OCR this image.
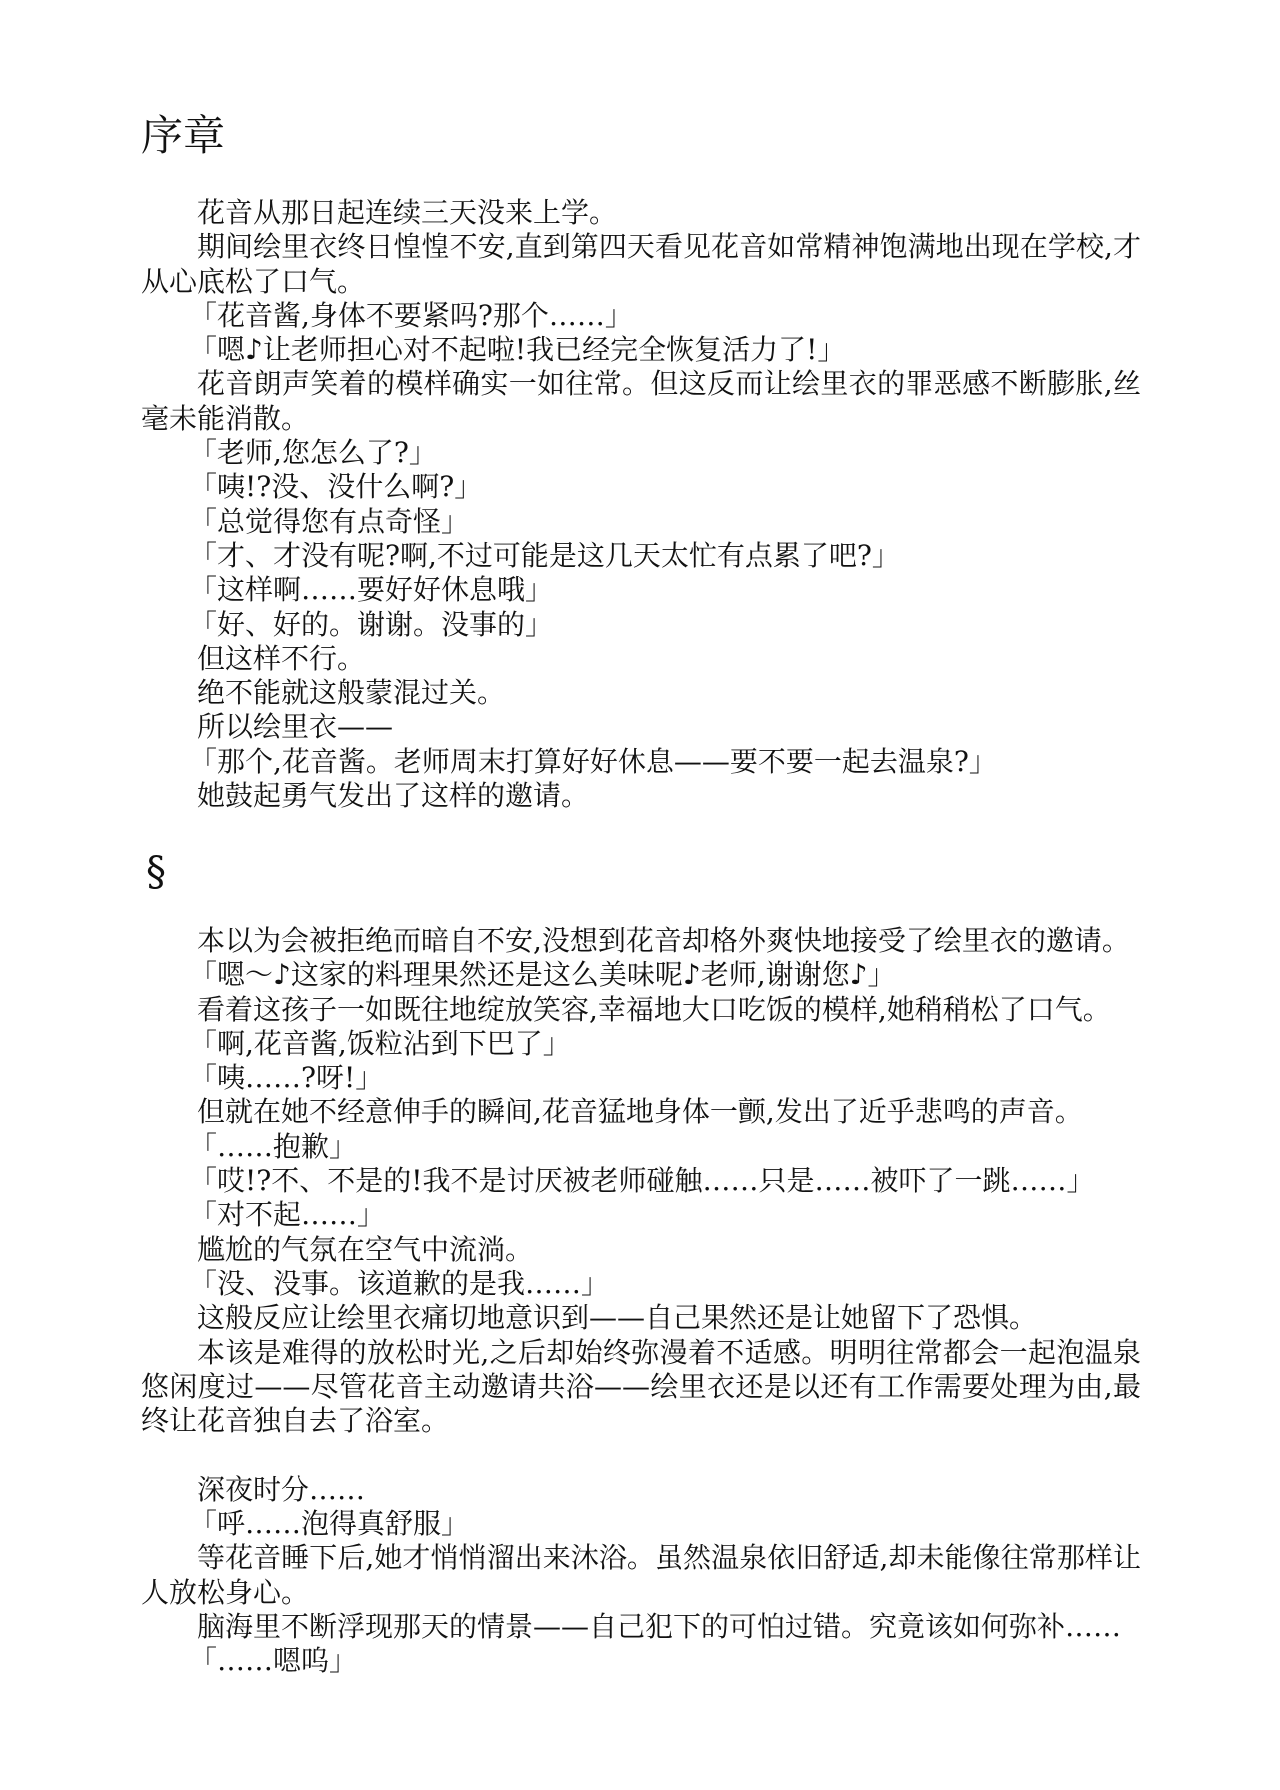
序章

花音从那日起连续三天没来上学。

期间绘里衣终日惶惶不安,直到第四天看见花音如常精神饱满地出现在学校,才从心底松了口气。

「花音酱,身体不要紧吗?那个……」

「嗯♪让老师担心对不起啦!我已经完全恢复活力了!」

花音朗声笑着的模样确实一如往常。但这反而让绘里衣的罪恶感不断膨胀,丝毫未能消散。

「老师,您怎么了?」

「咦!?没、没什么啊?」

「总觉得您有点奇怪」

「才、才没有呢?啊,不过可能是这几天太忙有点累了吧?」

「这样啊……要好好休息哦」

「好、好的。谢谢。没事的」

但这样不行。

绝不能就这般蒙混过关。

所以绘里衣——

「那个,花音酱。老师周末打算好好休息——要不要一起去温泉?」

她鼓起勇气发出了这样的邀请。

§

本以为会被拒绝而暗自不安,没想到花音却格外爽快地接受了绘里衣的邀请。

「嗯～♪这家的料理果然还是这么美味呢♪老师,谢谢您♪」

看着这孩子一如既往地绽放笑容,幸福地大口吃饭的模样,她稍稍松了口气。

「啊,花音酱,饭粒沾到下巴了」

「咦……?呀!」

但就在她不经意伸手的瞬间,花音猛地身体一颤,发出了近乎悲鸣的声音。

「……抱歉」

「哎!?不、不是的!我不是讨厌被老师碰触……只是……被吓了一跳……」

「对不起……」

尴尬的气氛在空气中流淌。

「没、没事。该道歉的是我……」

这般反应让绘里衣痛切地意识到——自己果然还是让她留下了恐惧。

本该是难得的放松时光,之后却始终弥漫着不适感。明明往常都会一起泡温泉悠闲度过——尽管花音主动邀请共浴——绘里衣还是以还有工作需要处理为由,最终让花音独自去了浴室。

深夜时分……

「呼……泡得真舒服」

等花音睡下后,她才悄悄溜出来沐浴。虽然温泉依旧舒适,却未能像往常那样让人放松身心。

脑海里不断浮现那天的情景——自己犯下的可怕过错。究竟该如何弥补……

「……嗯呜」
